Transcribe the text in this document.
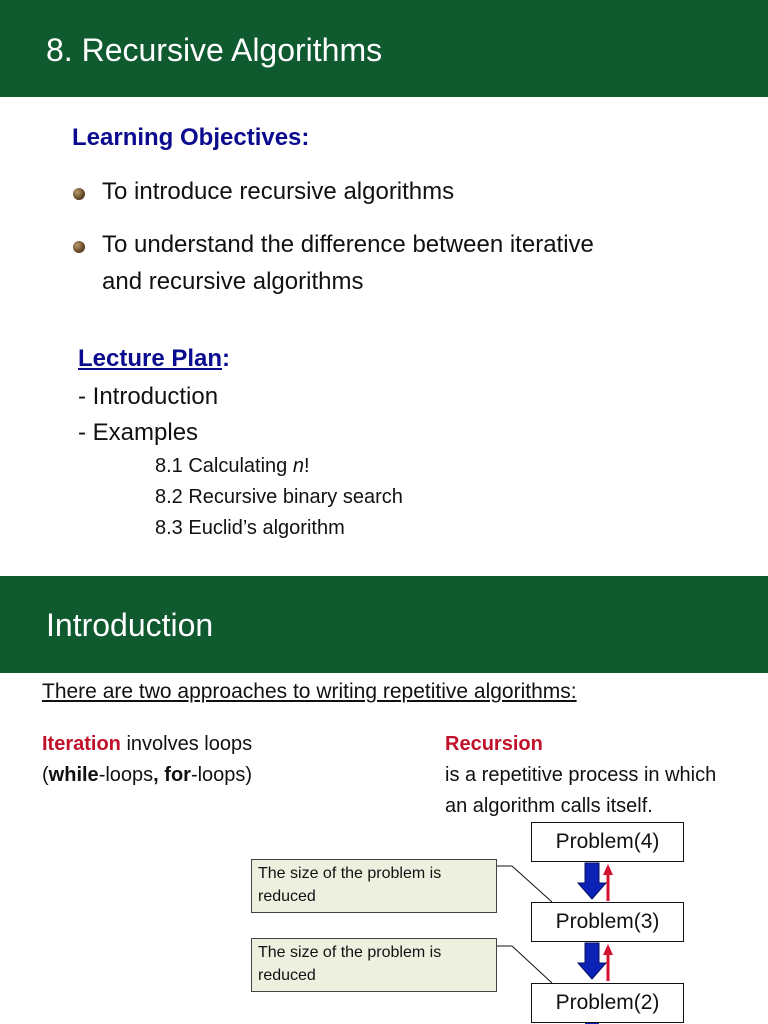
8. Recursive Algorithms
Learning Objectives:
To introduce recursive algorithms
To understand the difference between iterative
and recursive algorithms
Lecture Plan:
- Introduction
- Examples
8.1 Calculating n!
8.2 Recursive binary search
8.3 Euclid’s algorithm
Introduction
There are two approaches to writing repetitive algorithms:
Iteration involves loops
(while-loops, for-loops)
Recursion
is a repetitive process in which
an algorithm calls itself.
Problem(4)
Problem(3)
Problem(2)
The size of the problem is reduced
The size of the problem is reduced
